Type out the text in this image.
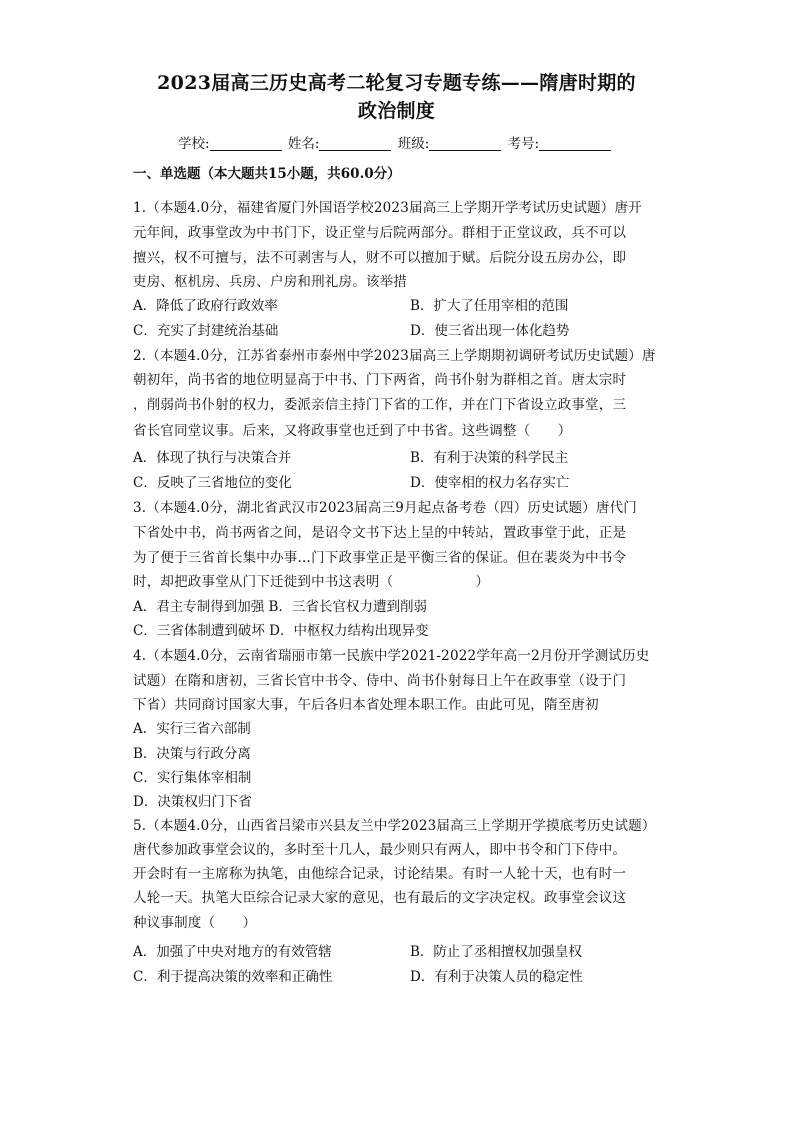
2023届高三历史高考二轮复习专题专练——隋唐时期的
政治制度
学校:	姓名:	班级:	考号:
一、单选题（本大题共15小题，共60.0分）
1.（本题4.0分，福建省厦门外国语学校2023届高三上学期开学考试历史试题）唐开
元年间，政事堂改为中书门下，设正堂与后院两部分。群相于正堂议政，兵不可以
擅兴，权不可擅与，法不可剥害与人，财不可以擅加于赋。后院分设五房办公，即
吏房、枢机房、兵房、户房和刑礼房。该举措
A．降低了政府行政效率	B．扩大了任用宰相的范围
C．充实了封建统治基础	D．使三省出现一体化趋势
2.（本题4.0分，江苏省泰州市泰州中学2023届高三上学期期初调研考试历史试题）唐
朝初年，尚书省的地位明显高于中书、门下两省，尚书仆射为群相之首。唐太宗时
，削弱尚书仆射的权力，委派亲信主持门下省的工作，并在门下省设立政事堂，三
省长官同堂议事。后来，又将政事堂也迁到了中书省。这些调整（　　）
A．体现了执行与决策合并	B．有利于决策的科学民主
C．反映了三省地位的变化	D．使宰相的权力名存实亡
3.（本题4.0分，湖北省武汉市2023届高三9月起点备考卷（四）历史试题）唐代门
下省处中书，尚书两省之间，是诏令文书下达上呈的中转站，置政事堂于此，正是
为了便于三省首长集中办事…门下政事堂正是平衡三省的保证。但在裴炎为中书令
时，却把政事堂从门下迁徙到中书这表明（　　　　　　）
A．君主专制得到加强 B．三省长官权力遭到削弱
C．三省体制遭到破坏 D．中枢权力结构出现异变
4.（本题4.0分，云南省瑞丽市第一民族中学2021-2022学年高一2月份开学测试历史
试题）在隋和唐初，三省长官中书令、侍中、尚书仆射每日上午在政事堂（设于门
下省）共同商讨国家大事，午后各归本省处理本职工作。由此可见，隋至唐初
A．实行三省六部制
B．决策与行政分离
C．实行集体宰相制
D．决策权归门下省
5.（本题4.0分，山西省吕梁市兴县友兰中学2023届高三上学期开学摸底考历史试题）
唐代参加政事堂会议的，多时至十几人，最少则只有两人，即中书令和门下侍中。
开会时有一主席称为执笔，由他综合记录，讨论结果。有时一人轮十天，也有时一
人轮一天。执笔大臣综合记录大家的意见，也有最后的文字决定权。政事堂会议这
种议事制度（　　）
A．加强了中央对地方的有效管辖	B．防止了丞相擅权加强皇权
C．利于提高决策的效率和正确性	D．有利于决策人员的稳定性
